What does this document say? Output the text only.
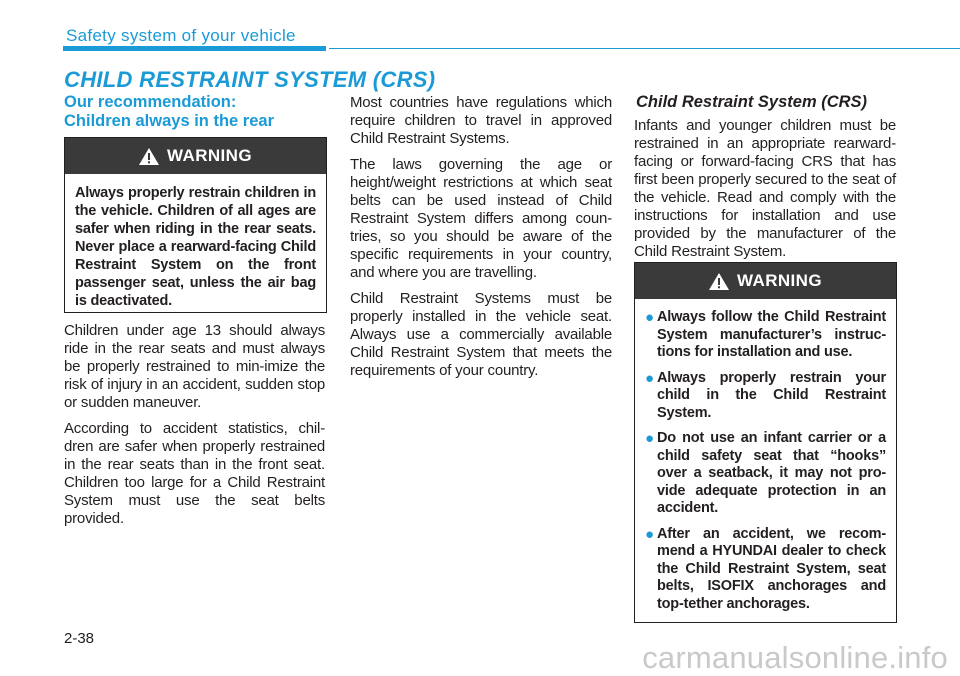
Safety system of your vehicle
CHILD RESTRAINT SYSTEM (CRS)
Our recommendation:
Children always in the rear
WARNING
Always properly restrain children in the vehicle. Children of all ages are safer when riding in the rear seats. Never place a rearward-facing Child Restraint System on the front passenger seat, unless the air bag is deactivated.

Children under age 13 should always ride in the rear seats and must always be properly restrained to min-imize the risk of injury in an accident, sudden stop or sudden maneuver.

According to accident statistics, chil-dren are safer when properly restrained in the rear seats than in the front seat. Children too large for a Child Restraint System must use the seat belts provided.

Most countries have regulations which require children to travel in approved Child Restraint Systems.

The laws governing the age or height/weight restrictions at which seat belts can be used instead of Child Restraint System differs among coun-tries, so you should be aware of the specific requirements in your country, and where you are travelling.

Child Restraint Systems must be properly installed in the vehicle seat. Always use a commercially available Child Restraint System that meets the requirements of your country.

Child Restraint System (CRS)

Infants and younger children must be restrained in an appropriate rearward-facing or forward-facing CRS that has first been properly secured to the seat of the vehicle. Read and comply with the instructions for installation and use provided by the manufacturer of the Child Restraint System.

WARNING
● Always follow the Child Restraint System manufacturer’s instruc-tions for installation and use.
● Always properly restrain your child in the Child Restraint System.
● Do not use an infant carrier or a child safety seat that “hooks” over a seatback, it may not pro-vide adequate protection in an accident.
● After an accident, we recom-mend a HYUNDAI dealer to check the Child Restraint System, seat belts, ISOFIX anchorages and top-tether anchorages.
2-38
carmanualsonline.info
